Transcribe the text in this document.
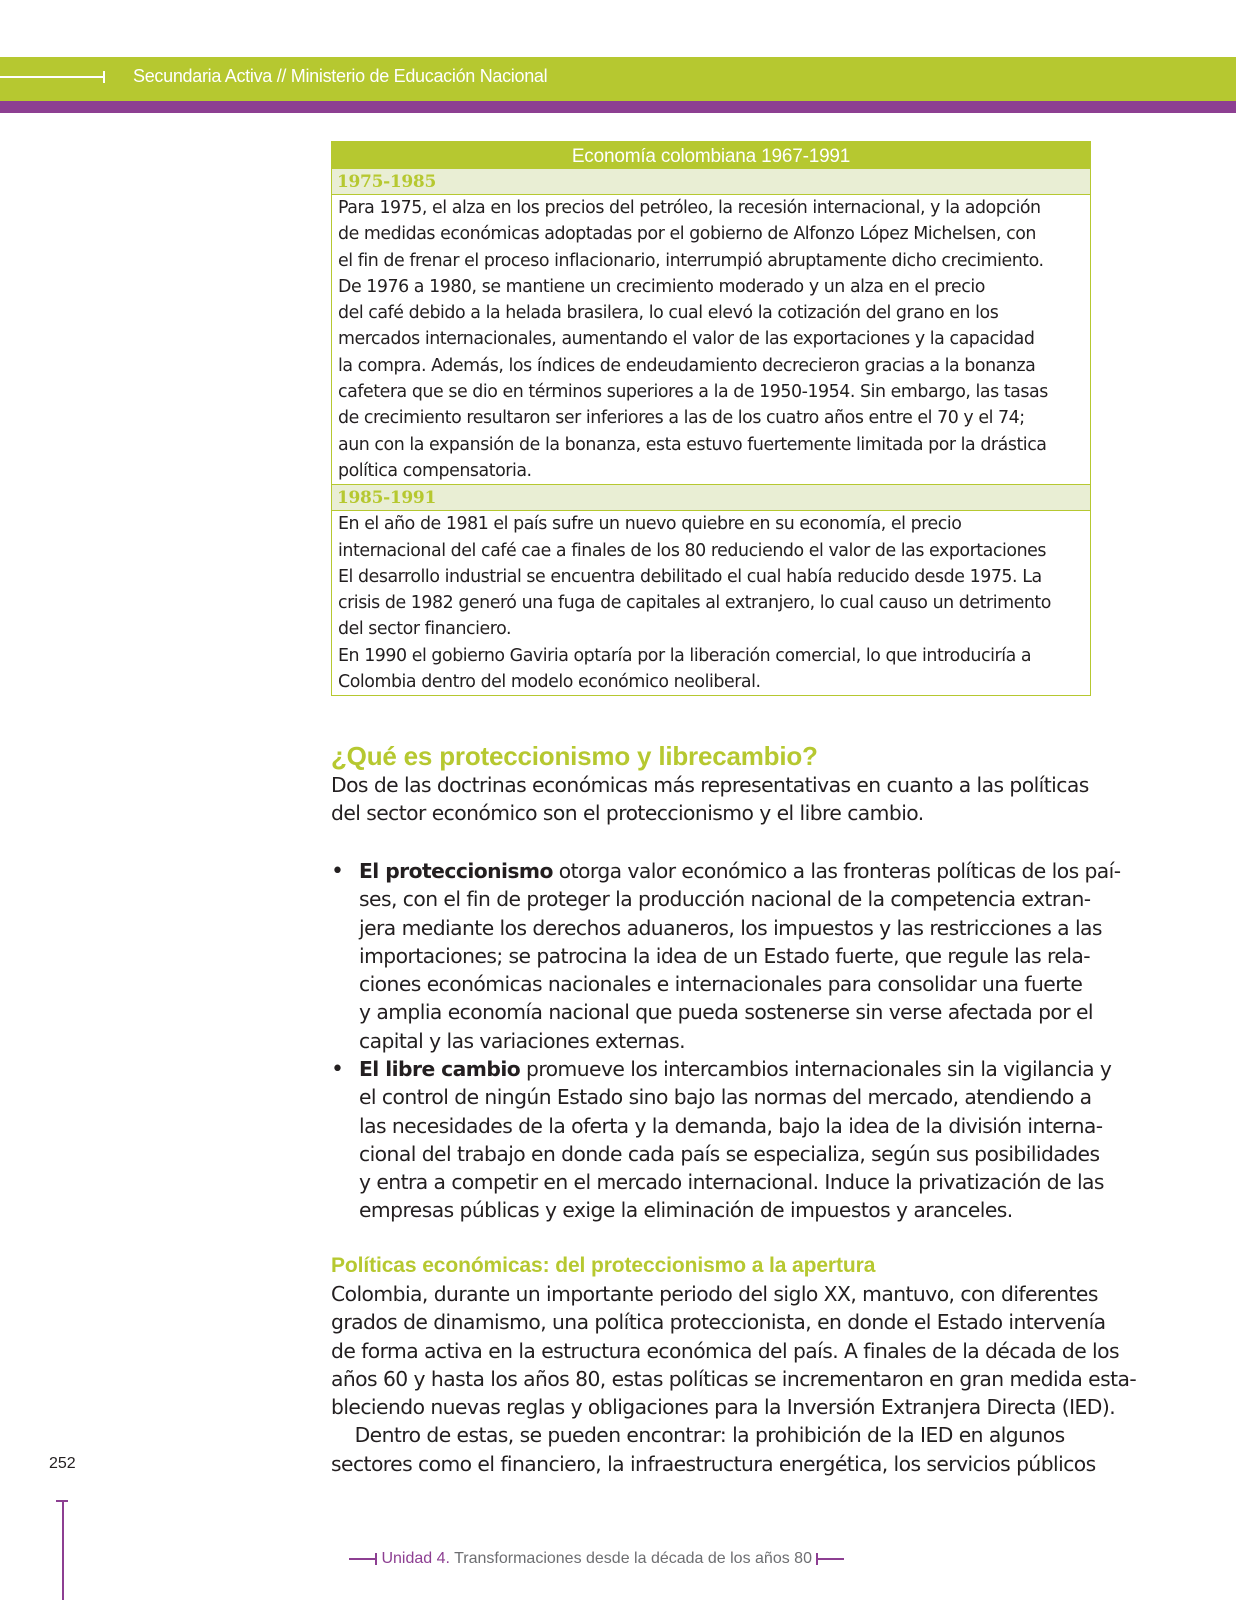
Secundaria Activa // Ministerio de Educación Nacional
Economía colombiana 1967-1991
1975-1985

Para 1975, el alza en los precios del petróleo, la recesión internacional, y la adopción

de medidas económicas adoptadas por el gobierno de Alfonzo López Michelsen, con

el fin de frenar el proceso inflacionario, interrumpió abruptamente dicho crecimiento.

De 1976 a 1980, se mantiene un crecimiento moderado y un alza en el precio

del café debido a la helada brasilera, lo cual elevó la cotización del grano en los

mercados internacionales, aumentando el valor de las exportaciones y la capacidad

la compra. Además, los índices de endeudamiento decrecieron gracias a la bonanza

cafetera que se dio en términos superiores a la de 1950-1954. Sin embargo, las tasas

de crecimiento resultaron ser inferiores a las de los cuatro años entre el 70 y el 74;

aun con la expansión de la bonanza, esta estuvo fuertemente limitada por la drástica

política compensatoria.

1985-1991

En el año de 1981 el país sufre un nuevo quiebre en su economía, el precio

internacional del café cae a finales de los 80 reduciendo el valor de las exportaciones

El desarrollo industrial se encuentra debilitado el cual había reducido desde 1975. La

crisis de 1982 generó una fuga de capitales al extranjero, lo cual causo un detrimento

del sector financiero.

En 1990 el gobierno Gaviria optaría por la liberación comercial, lo que introduciría a

Colombia dentro del modelo económico neoliberal.

¿Qué es proteccionismo y librecambio?

Dos de las doctrinas económicas más representativas en cuanto a las políticas

del sector económico son el proteccionismo y el libre cambio.

• El proteccionismo otorga valor económico a las fronteras políticas de los paí-

ses, con el fin de proteger la producción nacional de la competencia extran-

jera mediante los derechos aduaneros, los impuestos y las restricciones a las

importaciones; se patrocina la idea de un Estado fuerte, que regule las rela-

ciones económicas nacionales e internacionales para consolidar una fuerte

y amplia economía nacional que pueda sostenerse sin verse afectada por el

capital y las variaciones externas.

• El libre cambio promueve los intercambios internacionales sin la vigilancia y

el control de ningún Estado sino bajo las normas del mercado, atendiendo a

las necesidades de la oferta y la demanda, bajo la idea de la división interna-

cional del trabajo en donde cada país se especializa, según sus posibilidades

y entra a competir en el mercado internacional. Induce la privatización de las

empresas públicas y exige la eliminación de impuestos y aranceles.

Políticas económicas: del proteccionismo a la apertura

Colombia, durante un importante periodo del siglo XX, mantuvo, con diferentes

grados de dinamismo, una política proteccionista, en donde el Estado intervenía

de forma activa en la estructura económica del país. A finales de la década de los

años 60 y hasta los años 80, estas políticas se incrementaron en gran medida esta-

bleciendo nuevas reglas y obligaciones para la Inversión Extranjera Directa (IED).

Dentro de estas, se pueden encontrar: la prohibición de la IED en algunos

sectores como el financiero, la infraestructura energética, los servicios públicos

252
Unidad 4. Transformaciones desde la década de los años 80
